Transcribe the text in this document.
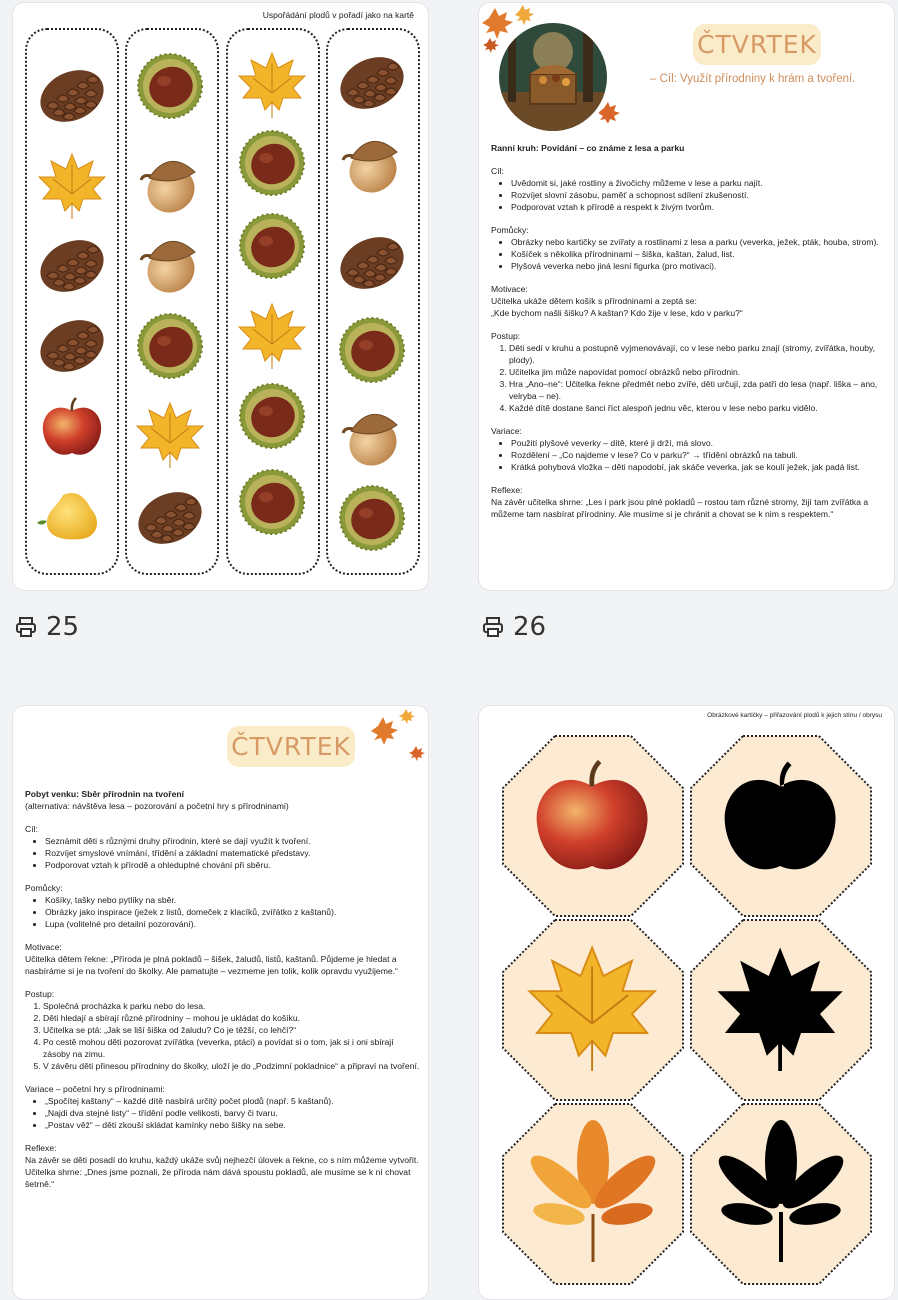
Uspořádání plodů v pořadí jako na kartě
25
ČTVRTEK
– Cíl: Využít přírodniny k hrám a tvoření.

Ranní kruh: Povídání – co známe z lesa a parku

Cíl:

• Uvědomit si, jaké rostliny a živočichy můžeme v lese a parku najít.
• Rozvíjet slovní zásobu, paměť a schopnost sdílení zkušeností.
• Podporovat vztah k přírodě a respekt k živým tvorům.

Pomůcky:

• Obrázky nebo kartičky se zvířaty a rostlinami z lesa a parku (veverka, ježek, pták, houba, strom).
• Košíček s několika přírodninami – šiška, kaštan, žalud, list.
• Plyšová veverka nebo jiná lesní figurka (pro motivaci).

Motivace:

Učitelka ukáže dětem košík s přírodninami a zeptá se:

„Kde bychom našli šišku? A kaštan? Kdo žije v lese, kdo v parku?“

Postup:

1. Děti sedí v kruhu a postupně vyjmenovávají, co v lese nebo parku znají (stromy, zvířátka, houby, plody).
2. Učitelka jim může napovídat pomocí obrázků nebo přírodnin.
3. Hra „Ano–ne“: Učitelka řekne předmět nebo zvíře, děti určují, zda patří do lesa (např. liška – ano, velryba – ne).
4. Každé dítě dostane šanci říct alespoň jednu věc, kterou v lese nebo parku vidělo.

Variace:

• Použití plyšové veverky – dítě, které ji drží, má slovo.
• Rozdělení – „Co najdeme v lese? Co v parku?“ → třídění obrázků na tabuli.
• Krátká pohybová vložka – děti napodobí, jak skáče veverka, jak se koulí ježek, jak padá list.

Reflexe:

Na závěr učitelka shrne: „Les i park jsou plné pokladů – rostou tam různé stromy, žijí tam zvířátka a můžeme tam nasbírat přírodniny. Ale musíme si je chránit a chovat se k nim s respektem.“

26
ČTVRTEK

Pobyt venku: Sběr přírodnin na tvoření

(alternativa: návštěva lesa – pozorování a početní hry s přírodninami)

Cíl:

• Seznámit děti s různými druhy přírodnin, které se dají využít k tvoření.
• Rozvíjet smyslové vnímání, třídění a základní matematické představy.
• Podporovat vztah k přírodě a ohleduplné chování při sběru.

Pomůcky:

• Košíky, tašky nebo pytlíky na sběr.
• Obrázky jako inspirace (ježek z listů, domeček z klacíků, zvířátko z kaštanů).
• Lupa (volitelné pro detailní pozorování).

Motivace:

Učitelka dětem řekne: „Příroda je plná pokladů – šišek, žaludů, listů, kaštanů. Půjdeme je hledat a nasbíráme si je na tvoření do školky. Ale pamatujte – vezmeme jen tolik, kolik opravdu využijeme.“

Postup:

1. Společná procházka k parku nebo do lesa.
2. Děti hledají a sbírají různé přírodniny – mohou je ukládat do košíku.
3. Učitelka se ptá: „Jak se liší šiška od žaludu? Co je těžší, co lehčí?“
4. Po cestě mohou děti pozorovat zvířátka (veverka, ptáci) a povídat si o tom, jak si i oni sbírají zásoby na zimu.
5. V závěru děti přinesou přírodniny do školky, uloží je do „Podzimní pokladnice“ a připraví na tvoření.

Variace – početní hry s přírodninami:

• „Spočítej kaštany“ – každé dítě nasbírá určitý počet plodů (např. 5 kaštanů).
• „Najdi dva stejné listy“ – třídění podle velikosti, barvy či tvaru.
• „Postav věž“ – děti zkouší skládat kamínky nebo šišky na sebe.

Reflexe:

Na závěr se děti posadí do kruhu, každý ukáže svůj nejhezčí úlovek a řekne, co s ním můžeme vytvořit. Učitelka shrne: „Dnes jsme poznali, že příroda nám dává spoustu pokladů, ale musíme se k ní chovat šetrně.“

Obrázkové kartičky – přiřazování plodů k jejich stínu / obrysu
